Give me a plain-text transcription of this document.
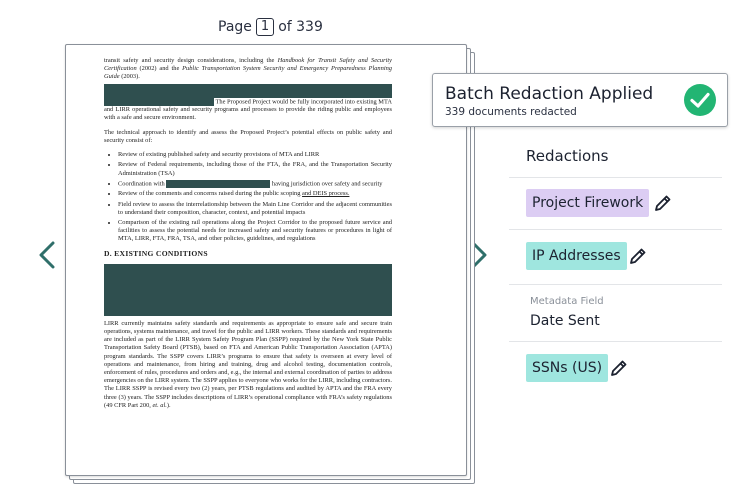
Page 1 of 339

transit safety and security design considerations, including the Handbook for Transit Safety and Security Certification (2002) and the Public Transportation System Security and Emergency Preparedness Planning Guide (2003).

The Proposed Project would be fully incorporated into existing MTA and LIRR operational safety and security programs and processes to provide the riding public and employees with a safe and secure environment.

The technical approach to identify and assess the Proposed Project’s potential effects on public safety and security consist of:

• Review of existing published safety and security provisions of MTA and LIRR
• Review of Federal requirements, including those of the FTA, the FRA, and the Transportation Security Administration (TSA)
• Coordination with	having jurisdiction over safety and security
• Review of the comments and concerns raised during the public scoping and DEIS process.
• Field review to assess the interrelationship between the Main Line Corridor and the adjacent communities to understand their composition, character, context, and potential impacts
• Comparison of the existing rail operations along the Project Corridor to the proposed future service and facilities to assess the potential needs for increased safety and security features or procedures in light of MTA, LIRR, FTA, FRA, TSA, and other policies, guidelines, and regulations
D. EXISTING CONDITIONS

LIRR currently maintains safety standards and requirements as appropriate to ensure safe and secure train operations, systems maintenance, and travel for the public and LIRR workers. These standards and requirements are included as part of the LIRR System Safety Program Plan (SSPP) required by the New York State Public Transportation Safety Board (PTSB), based on FTA and American Public Transportation Association (APTA) program standards. The SSPP covers LIRR’s programs to ensure that safety is overseen at every level of operations and maintenance, from hiring and training, drug and alcohol testing, documentation controls, enforcement of rules, procedures and orders and, e.g., the internal and external coordination of parties to address emergencies on the LIRR system. The SSPP applies to everyone who works for the LIRR, including contractors. The LIRR SSPP is revised every two (2) years, per PTSB regulations and audited by APTA and the FRA every three (3) years. The SSPP includes descriptions of LIRR’s operational compliance with FRA’s safety regulations (49 CFR Part 200, et. al.).

Batch Redaction Applied
339 documents redacted
Redactions
Project Firework
IP Addresses
Metadata Field
Date Sent
SSNs (US)
